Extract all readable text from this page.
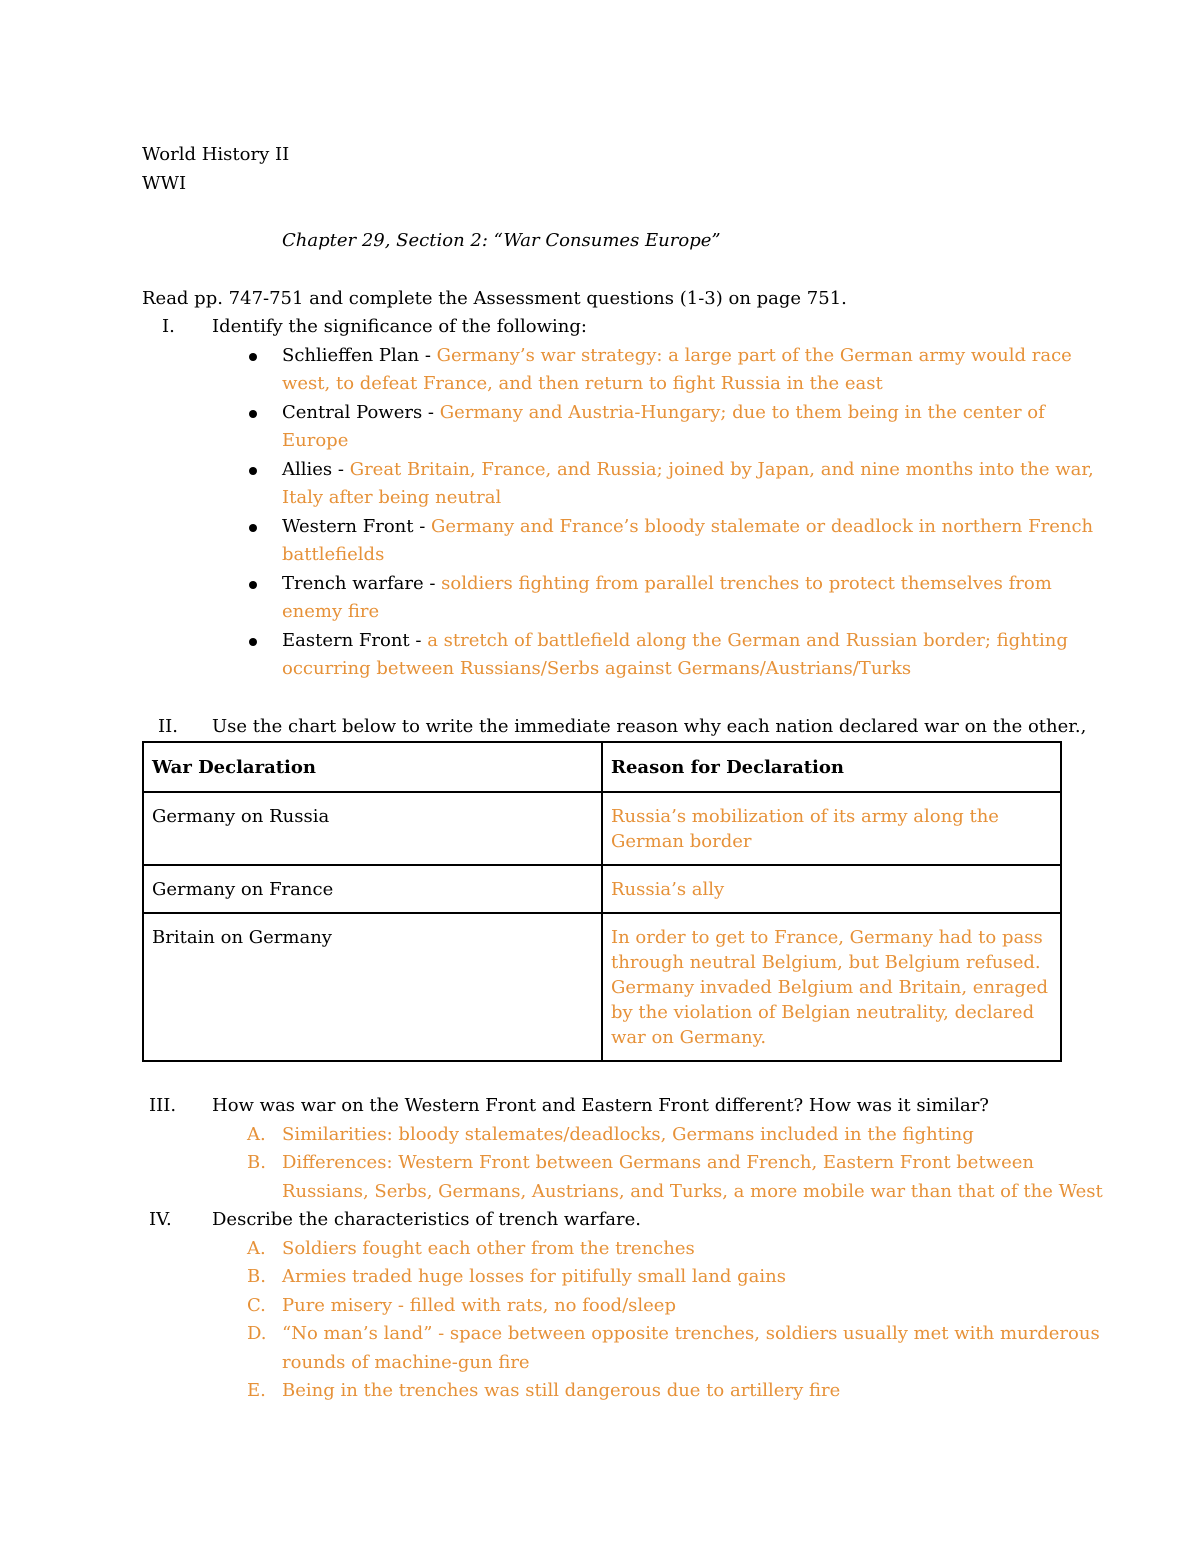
World History II
WWI
Chapter 29, Section 2: “War Consumes Europe”
Read pp. 747-751 and complete the Assessment questions (1-3) on page 751.
I.	Identify the significance of the following:
Schlieffen Plan - Germany’s war strategy: a large part of the German army would race
west, to defeat France, and then return to fight Russia in the east
Central Powers - Germany and Austria-Hungary; due to them being in the center of
Europe
Allies - Great Britain, France, and Russia; joined by Japan, and nine months into the war,
Italy after being neutral
Western Front - Germany and France’s bloody stalemate or deadlock in northern French
battlefields
Trench warfare - soldiers fighting from parallel trenches to protect themselves from
enemy fire
Eastern Front - a stretch of battlefield along the German and Russian border; fighting
occurring between Russians/Serbs against Germans/Austrians/Turks
II.	Use the chart below to write the immediate reason why each nation declared war on the other.,
War Declaration	Reason for Declaration
Germany on Russia	Russia’s mobilization of its army along the
German border

Germany on France	Russia’s ally

Britain on Germany	In order to get to France, Germany had to pass
through neutral Belgium, but Belgium refused.
Germany invaded Belgium and Britain, enraged
by the violation of Belgian neutrality, declared
war on Germany.
III.	How was war on the Western Front and Eastern Front different? How was it similar?
A. Similarities: bloody stalemates/deadlocks, Germans included in the fighting
B. Differences: Western Front between Germans and French, Eastern Front between
Russians, Serbs, Germans, Austrians, and Turks, a more mobile war than that of the West
IV.	Describe the characteristics of trench warfare.
A. Soldiers fought each other from the trenches
B. Armies traded huge losses for pitifully small land gains
C. Pure misery - filled with rats, no food/sleep
D. “No man’s land” - space between opposite trenches, soldiers usually met with murderous
rounds of machine-gun fire
E. Being in the trenches was still dangerous due to artillery fire
